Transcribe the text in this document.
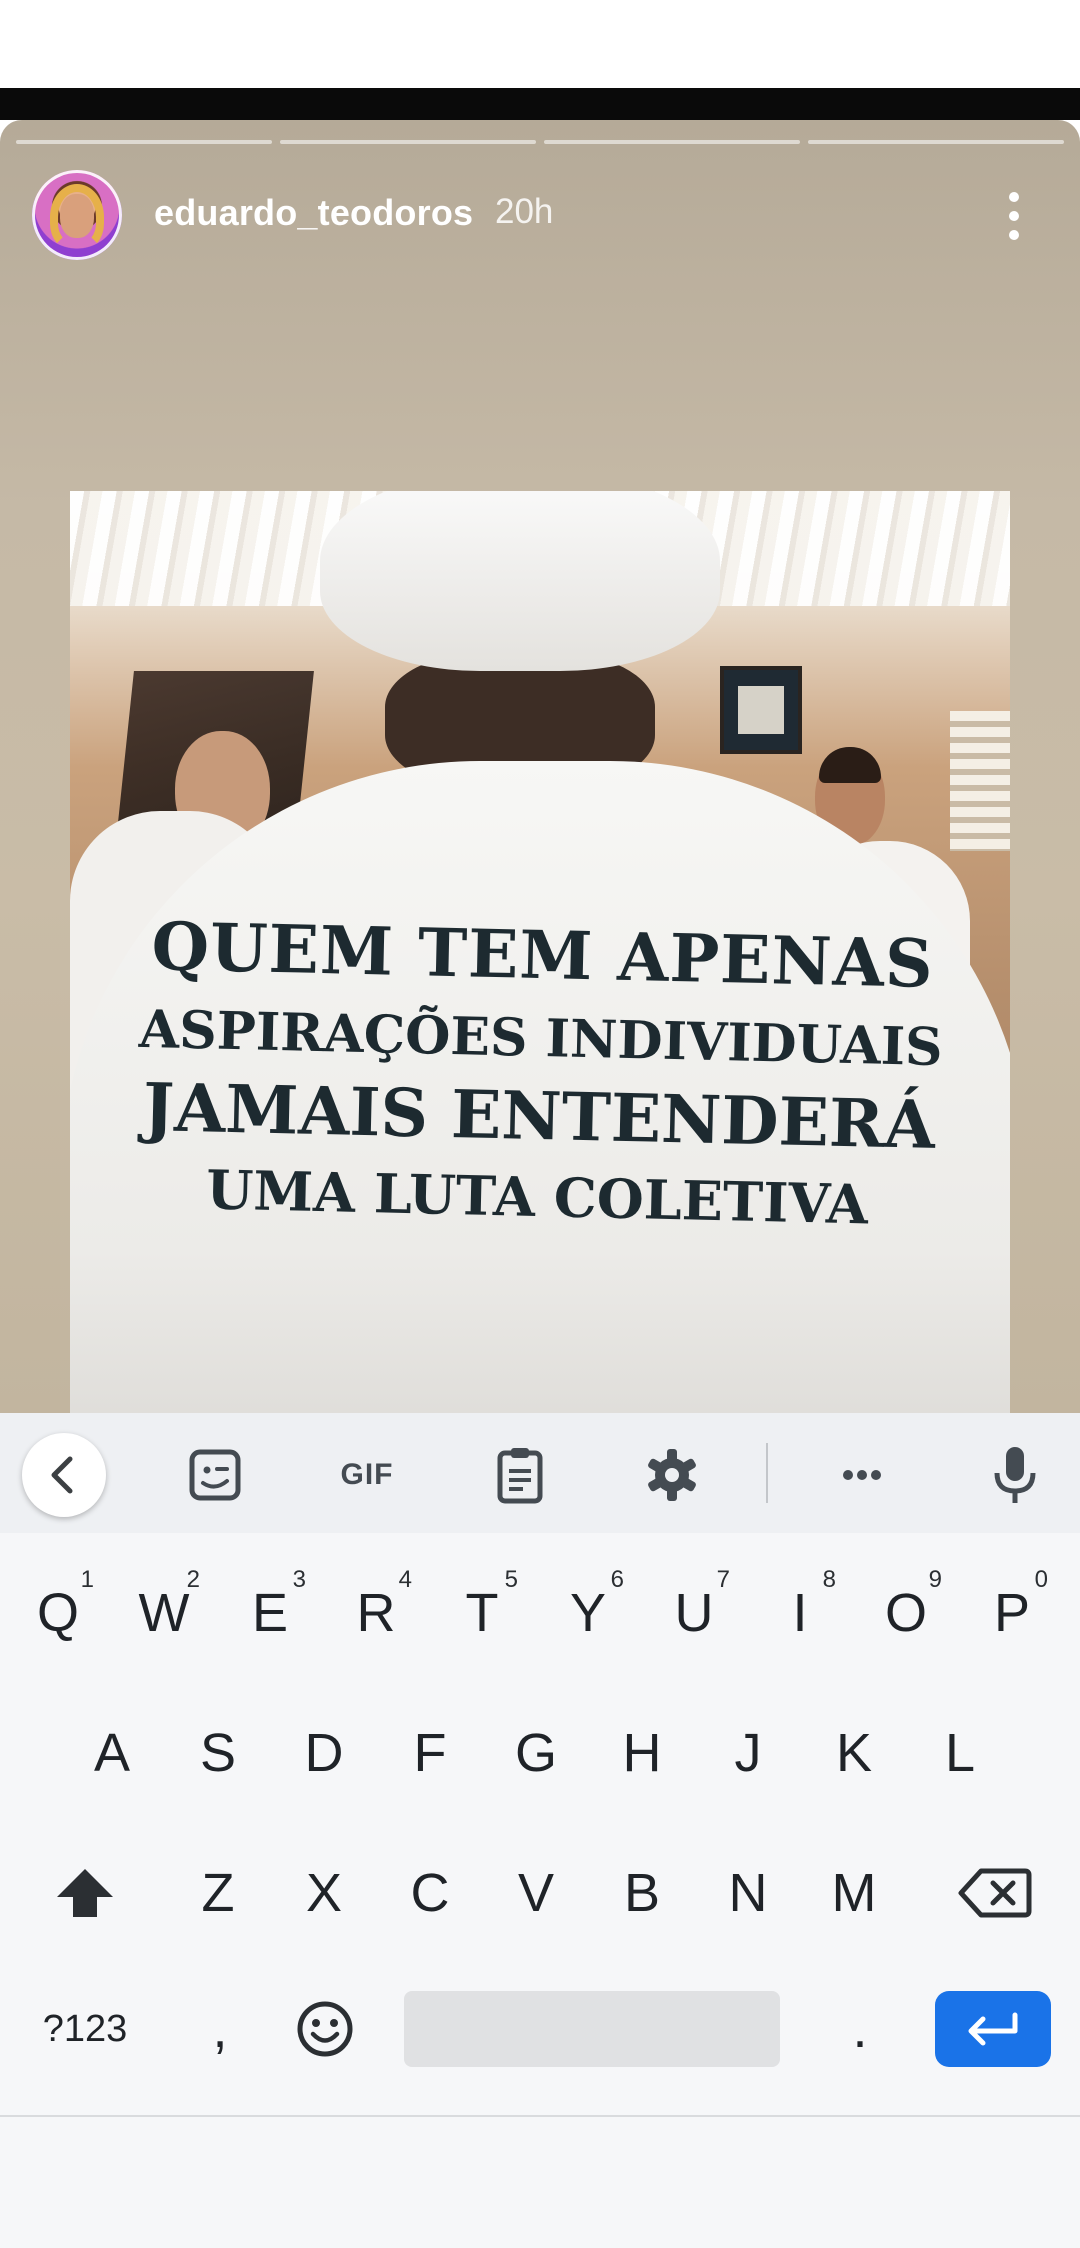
eduardo_teodoros 20h
QUEM TEM APENAS
ASPIRAÇÕES INDIVIDUAIS
JAMAIS ENTENDERÁ
UMA LUTA COLETIVA
GIF
Q
$^1$
W
2
E
$^3$
R
$^4$
T
$^5$
Y
$^6$
U
$^7$
I
$^8$
O
$^9$
P
$^0$
A	S	D	F	G	H	J	K	L
Z	X	C	V	B	N	M
?123	,	.
